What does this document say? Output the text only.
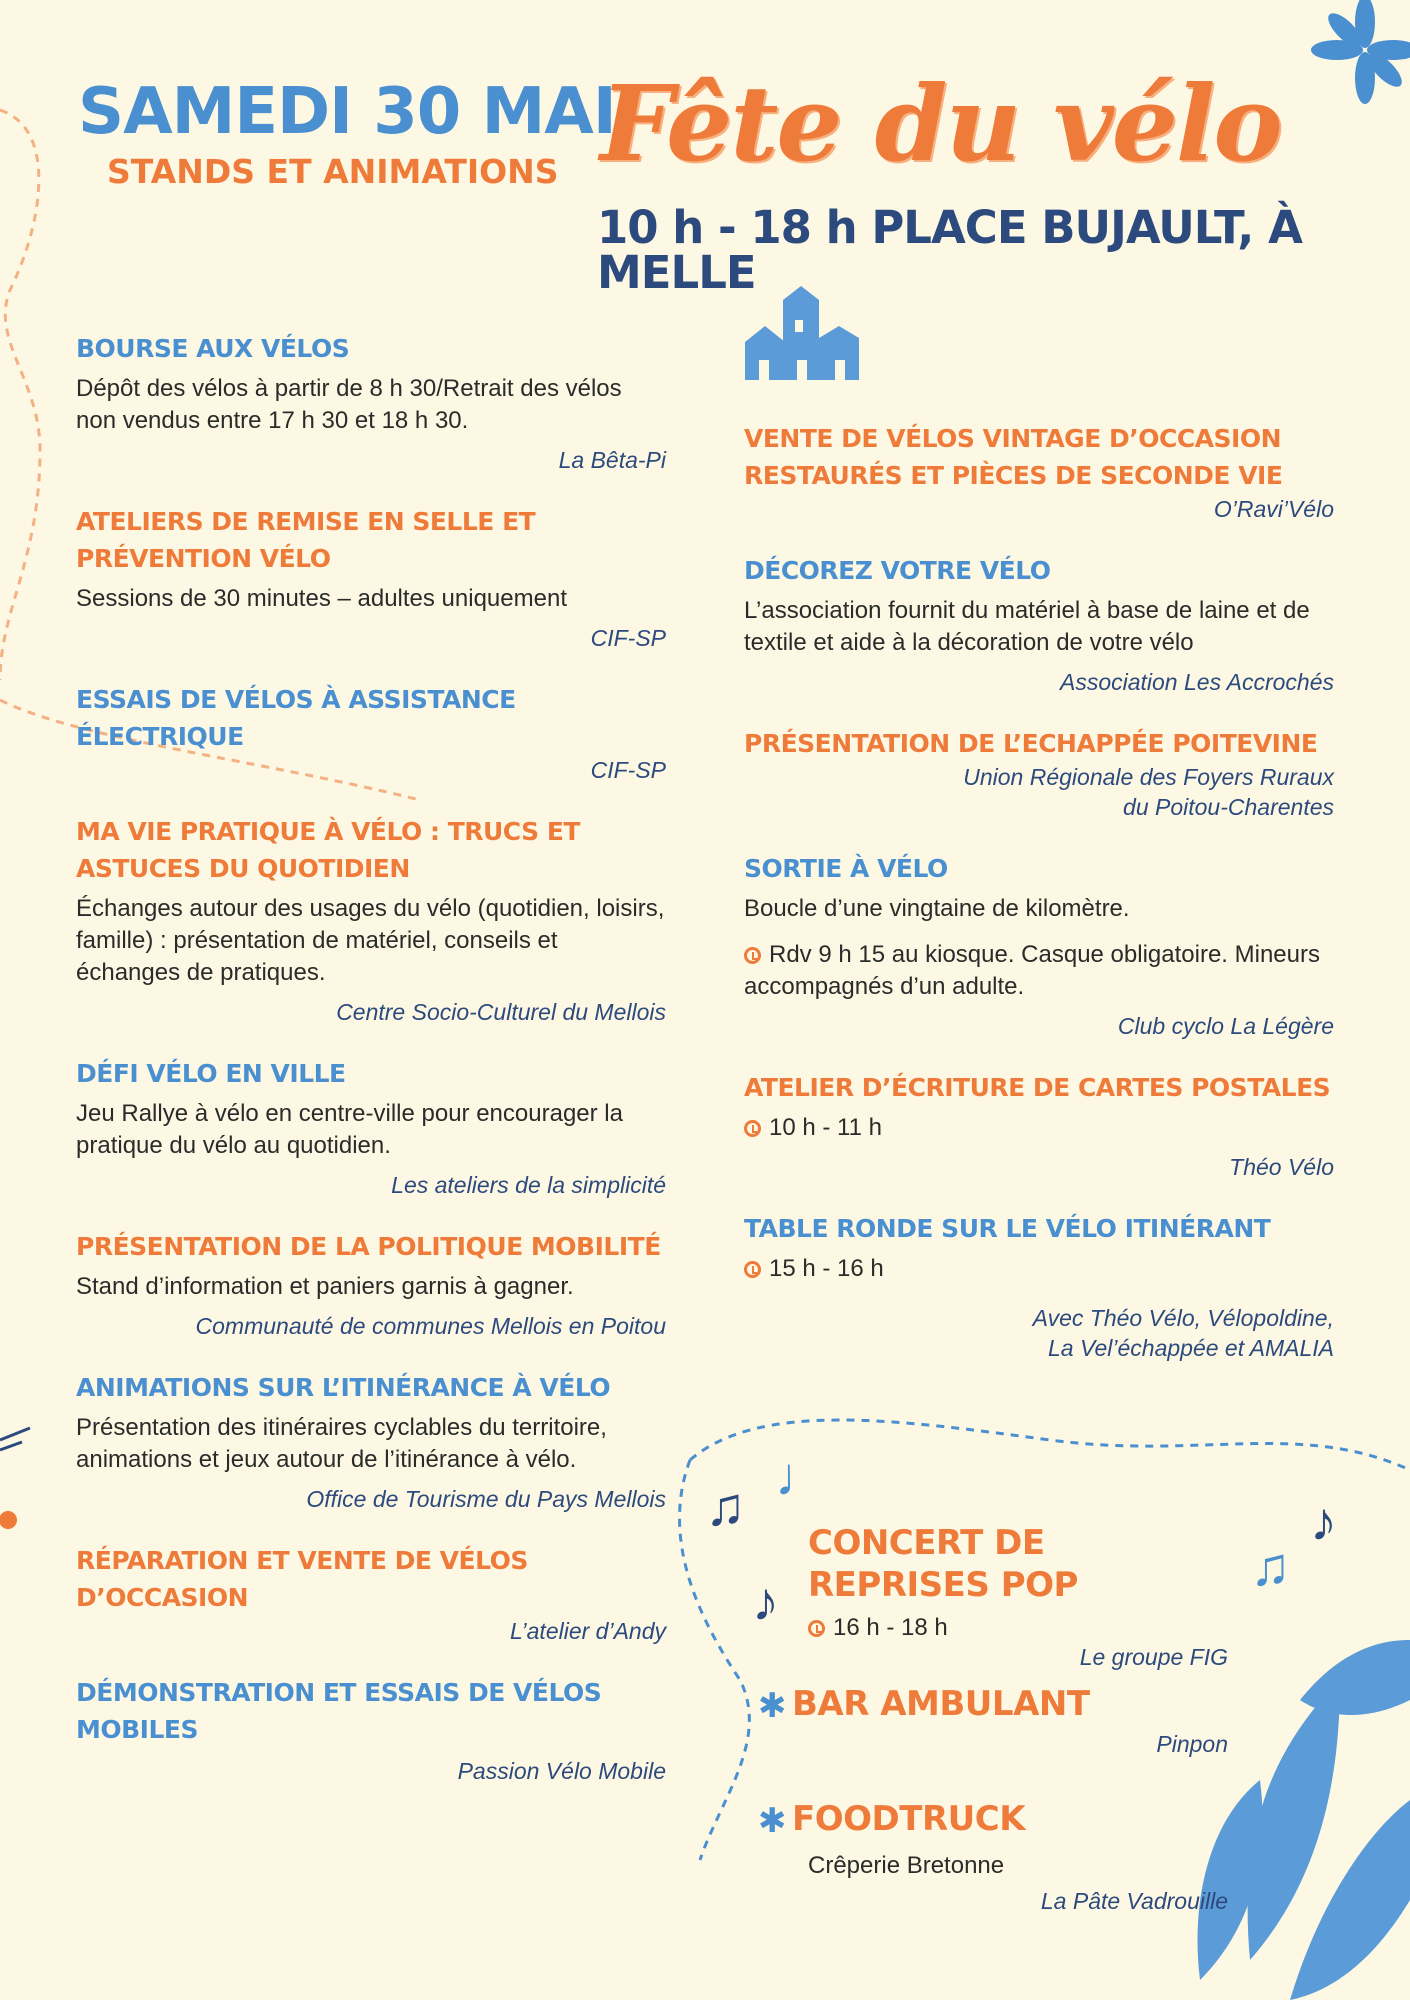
♫ ♩
♪
♫
♪
SAMEDI 30 MAI
STANDS ET ANIMATIONS Fête du vélo
10 h - 18 h PLACE BUJAULT, À MELLE
BOURSE AUX VÉLOS

Dépôt des vélos à partir de 8 h 30/Retrait des vélos non vendus entre 17 h 30 et 18 h 30.

La Bêta-Pi
ATELIERS DE REMISE EN SELLE ET PRÉVENTION VÉLO

Sessions de 30 minutes – adultes uniquement

CIF-SP
ESSAIS DE VÉLOS À ASSISTANCE ÉLECTRIQUE
CIF-SP
MA VIE PRATIQUE À VÉLO : TRUCS ET ASTUCES DU QUOTIDIEN

Échanges autour des usages du vélo (quotidien, loisirs, famille) : présentation de matériel, conseils et échanges de pratiques.

Centre Socio-Culturel du Mellois
DÉFI VÉLO EN VILLE

Jeu Rallye à vélo en centre-ville pour encourager la pratique du vélo au quotidien.

Les ateliers de la simplicité
PRÉSENTATION DE LA POLITIQUE MOBILITÉ

Stand d’information et paniers garnis à gagner.

Communauté de communes Mellois en Poitou
ANIMATIONS SUR L’ITINÉRANCE À VÉLO

Présentation des itinéraires cyclables du territoire, animations et jeux autour de l’itinérance à vélo.

Office de Tourisme du Pays Mellois
RÉPARATION ET VENTE DE VÉLOS D’OCCASION
L’atelier d’Andy
DÉMONSTRATION ET ESSAIS DE VÉLOS MOBILES
Passion Vélo Mobile
VENTE DE VÉLOS VINTAGE D’OCCASION RESTAURÉS ET PIÈCES DE SECONDE VIE
O’Ravi’Vélo
DÉCOREZ VOTRE VÉLO

L’association fournit du matériel à base de laine et de textile et aide à la décoration de votre vélo

Association Les Accrochés
PRÉSENTATION DE L’ECHAPPÉE POITEVINE
Union Régionale des Foyers Ruraux
du Poitou-Charentes
SORTIE À VÉLO

Boucle d’une vingtaine de kilomètre.

Rdv 9 h 15 au kiosque. Casque obligatoire. Mineurs accompagnés d’un adulte.

Club cyclo La Légère
ATELIER D’ÉCRITURE DE CARTES POSTALES

10 h - 11 h

Théo Vélo
TABLE RONDE SUR LE VÉLO ITINÉRANT

15 h - 16 h

Avec Théo Vélo, Vélopoldine,
La Vel’échappée et AMALIA
CONCERT DE REPRISES POP

16 h - 18 h

Le groupe FIG
✱ BAR AMBULANT
Pinpon
✱ FOODTRUCK

Crêperie Bretonne

La Pâte Vadrouille
